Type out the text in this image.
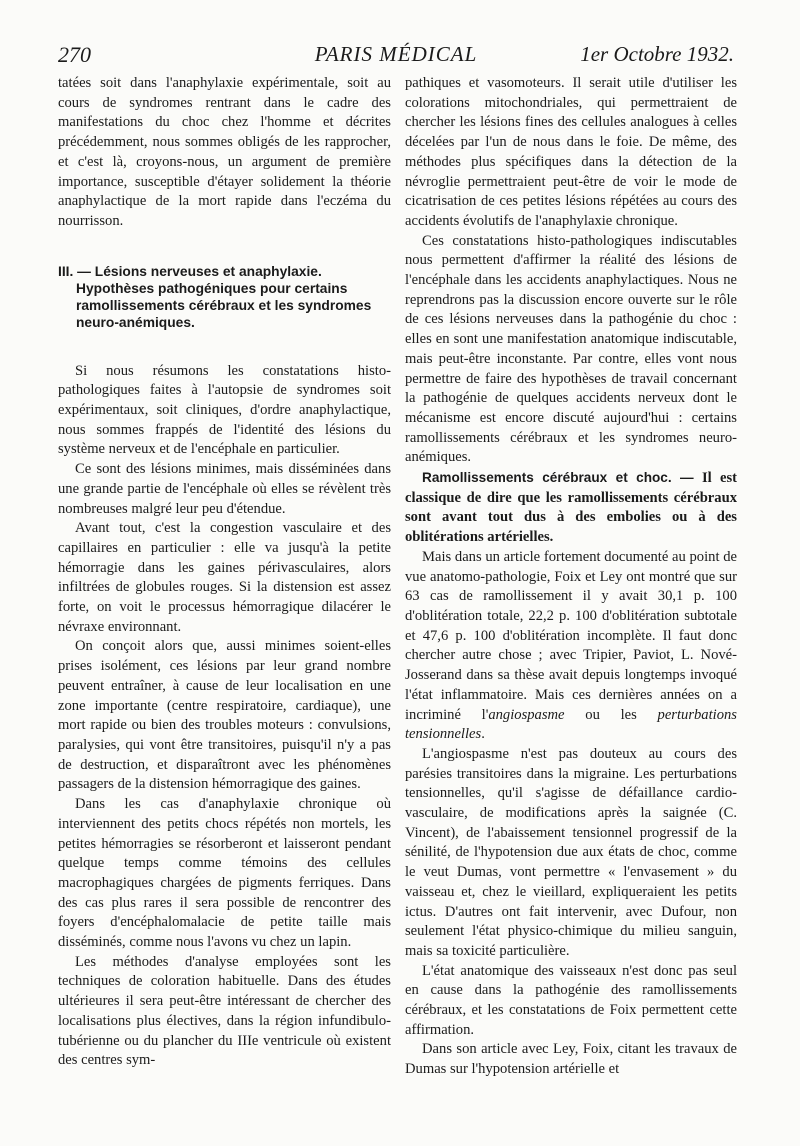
270	PARIS MÉDICAL	1er Octobre 1932.

tatées soit dans l'anaphylaxie expérimentale, soit au cours de syndromes rentrant dans le cadre des manifestations du choc chez l'homme et décrites précédemment, nous sommes obligés de les rapprocher, et c'est là, croyons-nous, un argument de première importance, susceptible d'étayer solidement la théorie anaphylactique de la mort rapide dans l'eczéma du nourrisson.

III. — Lésions nerveuses et anaphylaxie.
Hypothèses pathogéniques pour certains ramollissements cérébraux et les syndromes neuro-anémiques.

Si nous résumons les constatations histo-pathologiques faites à l'autopsie de syndromes soit expérimentaux, soit cliniques, d'ordre anaphylactique, nous sommes frappés de l'identité des lésions du système nerveux et de l'encéphale en particulier.

Ce sont des lésions minimes, mais disséminées dans une grande partie de l'encéphale où elles se révèlent très nombreuses malgré leur peu d'étendue.

Avant tout, c'est la congestion vasculaire et des capillaires en particulier : elle va jusqu'à la petite hémorragie dans les gaines périvasculaires, alors infiltrées de globules rouges. Si la distension est assez forte, on voit le processus hémorragique dilacérer le névraxe environnant.

On conçoit alors que, aussi minimes soient-elles prises isolément, ces lésions par leur grand nombre peuvent entraîner, à cause de leur localisation en une zone importante (centre respiratoire, cardiaque), une mort rapide ou bien des troubles moteurs : convulsions, paralysies, qui vont être transitoires, puisqu'il n'y a pas de destruction, et disparaîtront avec les phénomènes passagers de la distension hémorragique des gaines.

Dans les cas d'anaphylaxie chronique où interviennent des petits chocs répétés non mortels, les petites hémorragies se résorberont et laisseront pendant quelque temps comme témoins des cellules macrophagiques chargées de pigments ferriques. Dans des cas plus rares il sera possible de rencontrer des foyers d'encéphalomalacie de petite taille mais disséminés, comme nous l'avons vu chez un lapin.

Les méthodes d'analyse employées sont les techniques de coloration habituelle. Dans des études ultérieures il sera peut-être intéressant de chercher des localisations plus électives, dans la région infundibulo-tubérienne ou du plancher du IIIe ventricule où existent des centres sym-

pathiques et vasomoteurs. Il serait utile d'utiliser les colorations mitochondriales, qui permettraient de chercher les lésions fines des cellules analogues à celles décelées par l'un de nous dans le foie. De même, des méthodes plus spécifiques dans la détection de la névroglie permettraient peut-être de voir le mode de cicatrisation de ces petites lésions répétées au cours des accidents évolutifs de l'anaphylaxie chronique.

Ces constatations histo-pathologiques indiscutables nous permettent d'affirmer la réalité des lésions de l'encéphale dans les accidents anaphylactiques. Nous ne reprendrons pas la discussion encore ouverte sur le rôle de ces lésions nerveuses dans la pathogénie du choc : elles en sont une manifestation anatomique indiscutable, mais peut-être inconstante. Par contre, elles vont nous permettre de faire des hypothèses de travail concernant la pathogénie de quelques accidents nerveux dont le mécanisme est encore discuté aujourd'hui : certains ramollissements cérébraux et les syndromes neuro-anémiques.

Ramollissements cérébraux et choc. — Il est classique de dire que les ramollissements cérébraux sont avant tout dus à des embolies ou à des oblitérations artérielles.

Mais dans un article fortement documenté au point de vue anatomo-pathologie, Foix et Ley ont montré que sur 63 cas de ramollissement il y avait 30,1 p. 100 d'oblitération totale, 22,2 p. 100 d'oblitération subtotale et 47,6 p. 100 d'oblitération incomplète. Il faut donc chercher autre chose ; avec Tripier, Paviot, L. Nové-Josserand dans sa thèse avait depuis longtemps invoqué l'état inflammatoire. Mais ces dernières années on a incriminé l'angiospasme ou les perturbations tensionnelles.

L'angiospasme n'est pas douteux au cours des parésies transitoires dans la migraine. Les perturbations tensionnelles, qu'il s'agisse de défaillance cardio-vasculaire, de modifications après la saignée (C. Vincent), de l'abaissement tensionnel progressif de la sénilité, de l'hypotension due aux états de choc, comme le veut Dumas, vont permettre « l'envasement » du vaisseau et, chez le vieillard, expliqueraient les petits ictus. D'autres ont fait intervenir, avec Dufour, non seulement l'état physico-chimique du milieu sanguin, mais sa toxicité particulière.

L'état anatomique des vaisseaux n'est donc pas seul en cause dans la pathogénie des ramollissements cérébraux, et les constatations de Foix permettent cette affirmation.

Dans son article avec Ley, Foix, citant les travaux de Dumas sur l'hypotension artérielle et
